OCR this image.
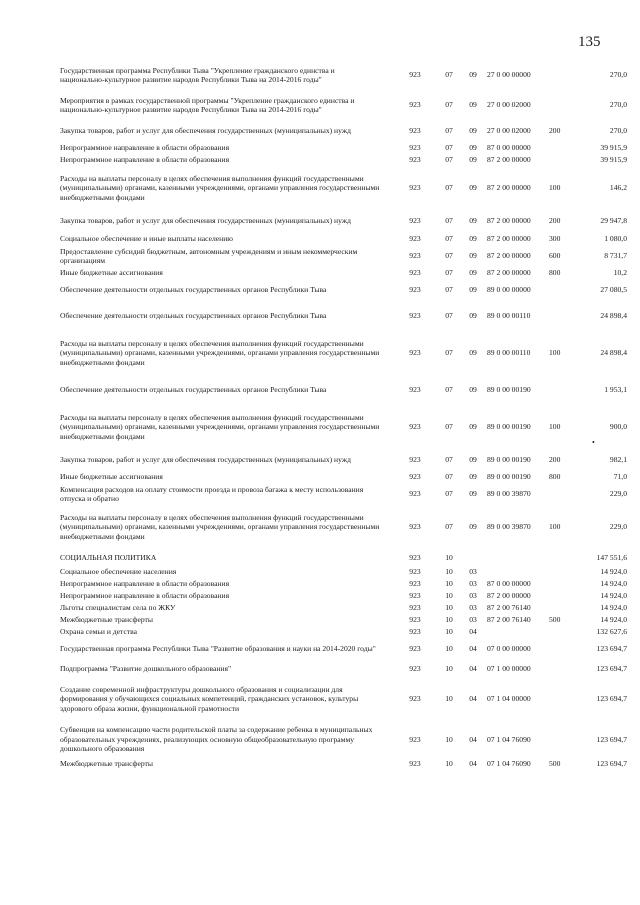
135
•
Государственная программа Республики Тыва "Укрепление гражданского единства и национально-культурное развитие народов Республики Тыва на 2014-2016 годы"	923	07	09	27 0 00 00000		270,0
Мероприятия в рамках государственной программы "Укрепление гражданского единства и национально-культурное развитие народов Республики Тыва на 2014-2016 годы"	923	07	09	27 0 00 02000		270,0
Закупка товаров, работ и услуг для обеспечения государственных (муниципальных) нужд	923	07	09	27 0 00 02000	200	270,0
Непрограммное направление в области образования	923	07	09	87 0 00 00000		39 915,9
Непрограммное направление в области образования	923	07	09	87 2 00 00000		39 915,9
Расходы на выплаты персоналу в целях обеспечения выполнения функций государственными (муниципальными) органами, казенными учреждениями, органами управления государственными внебюджетными фондами	923	07	09	87 2 00 00000	100	146,2
Закупка товаров, работ и услуг для обеспечения государственных (муниципальных) нужд	923	07	09	87 2 00 00000	200	29 947,8
Социальное обеспечение и иные выплаты населению	923	07	09	87 2 00 00000	300	1 080,0
Предоставление субсидий бюджетным, автономным учреждениям и иным некоммерческим организациям	923	07	09	87 2 00 00000	600	8 731,7
Иные бюджетные ассигнования	923	07	09	87 2 00 00000	800	10,2
Обеспечение деятельности отдельных государственных органов Республики Тыва	923	07	09	89 0 00 00000		27 080,5
Обеспечение деятельности отдельных государственных органов Республики Тыва	923	07	09	89 0 00 00110		24 898,4
Расходы на выплаты персоналу в целях обеспечения выполнения функций государственными (муниципальными) органами, казенными учреждениями, органами управления государственными внебюджетными фондами	923	07	09	89 0 00 00110	100	24 898,4
Обеспечение деятельности отдельных государственных органов Республики Тыва	923	07	09	89 0 00 00190		1 953,1
Расходы на выплаты персоналу в целях обеспечения выполнения функций государственными (муниципальными) органами, казенными учреждениями, органами управления государственными внебюджетными фондами	923	07	09	89 0 00 00190	100	900,0
Закупка товаров, работ и услуг для обеспечения государственных (муниципальных) нужд	923	07	09	89 0 00 00190	200	982,1
Иные бюджетные ассигнования	923	07	09	89 0 00 00190	800	71,0
Компенсация расходов на оплату стоимости проезда и провоза багажа к месту использования отпуска и обратно	923	07	09	89 0 00 39870		229,0
Расходы на выплаты персоналу в целях обеспечения выполнения функций государственными (муниципальными) органами, казенными учреждениями, органами управления государственными внебюджетными фондами	923	07	09	89 0 00 39870	100	229,0
СОЦИАЛЬНАЯ ПОЛИТИКА	923	10				147 551,6
Социальное обеспечение населения	923	10	03			14 924,0
Непрограммное направление в области образования	923	10	03	87 0 00 00000		14 924,0
Непрограммное направление в области образования	923	10	03	87 2 00 00000		14 924,0
Льготы специалистам села по ЖКУ	923	10	03	87 2 00 76140		14 924,0
Межбюджетные трансферты	923	10	03	87 2 00 76140	500	14 924,0
Охрана семьи и детства	923	10	04			132 627,6
Государственная программа Республики Тыва "Развитие образования и науки на 2014-2020 годы"	923	10	04	07 0 00 00000		123 694,7
Подпрограмма "Развитие дошкольного образования"	923	10	04	07 1 00 00000		123 694,7
Создание современной инфраструктуры дошкольного образования и социализации для формирования у обучающихся социальных компетенций, гражданских установок, культуры здорового образа жизни, функциональной грамотности	923	10	04	07 1 04 00000		123 694,7
Субвенция на компенсацию части родительской платы за содержание ребенка в муниципальных образовательных учреждениях, реализующих основную общеобразовательную программу дошкольного образования	923	10	04	07 1 04 76090		123 694,7
Межбюджетные трансферты	923	10	04	07 1 04 76090	500	123 694,7
